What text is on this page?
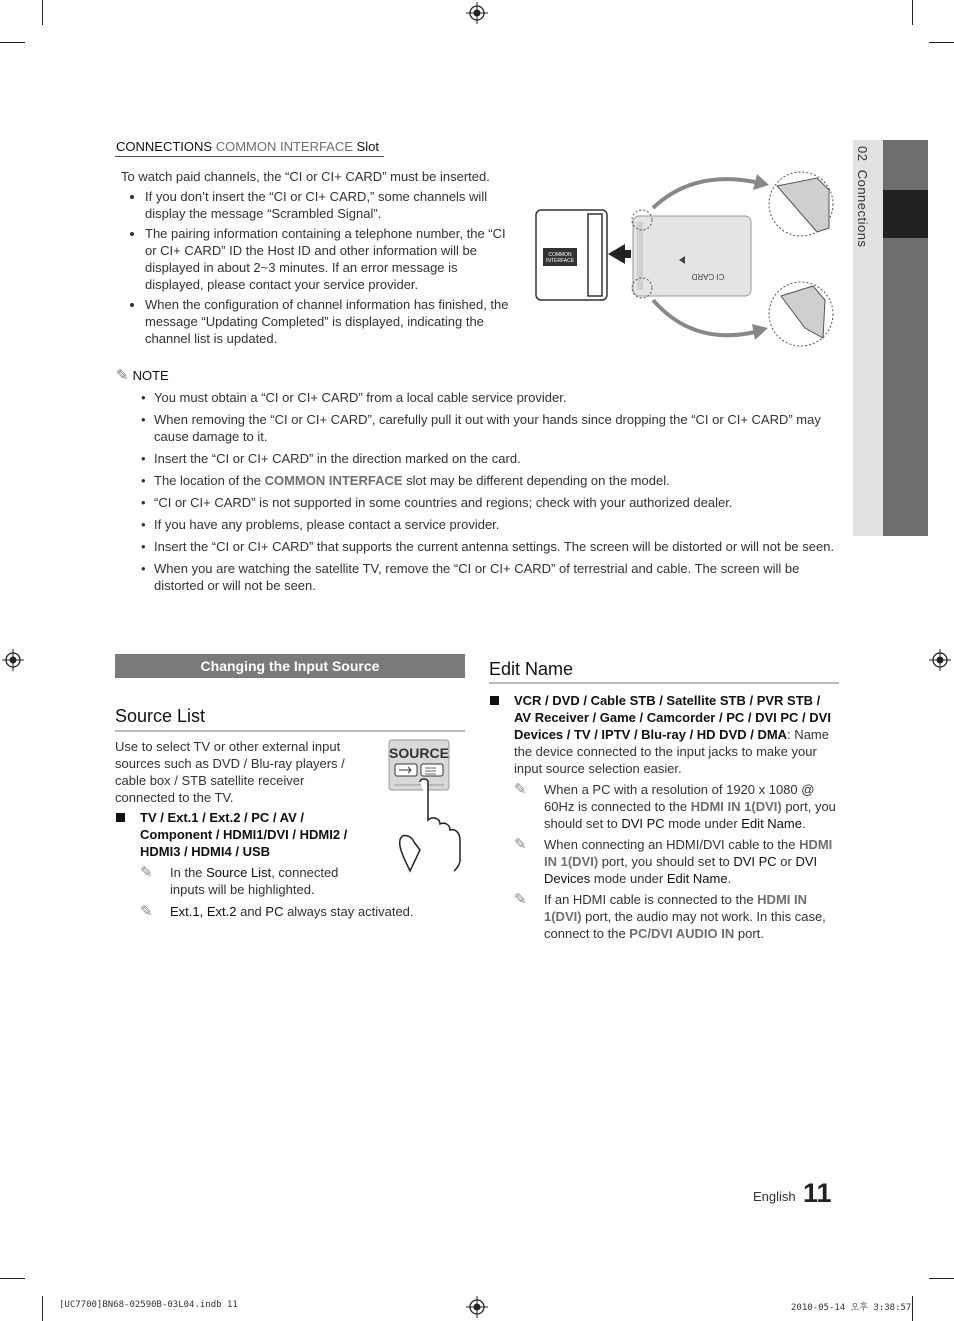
02  Connections
CONNECTIONS COMMON INTERFACE Slot
To watch paid channels, the “CI or CI+ CARD” must be inserted.
• If you don’t insert the “CI or CI+ CARD,” some channels will display the message “Scrambled Signal”.
• The pairing information containing a telephone number, the “CI or CI+ CARD” ID the Host ID and other information will be displayed in about 2~3 minutes. If an error message is displayed, please contact your service provider.
• When the configuration of channel information has finished, the message “Updating Completed” is displayed, indicating the channel list is updated.
COMMON
INTERFACE
CI CARD
✎ NOTE
• You must obtain a “CI or CI+ CARD” from a local cable service provider.
• When removing the “CI or CI+ CARD”, carefully pull it out with your hands since dropping the “CI or CI+ CARD” may cause damage to it.
• Insert the “CI or CI+ CARD” in the direction marked on the card.
• The location of the COMMON INTERFACE slot may be different depending on the model.
• “CI or CI+ CARD” is not supported in some countries and regions; check with your authorized dealer.
• If you have any problems, please contact a service provider.
• Insert the “CI or CI+ CARD” that supports the current antenna settings. The screen will be distorted or will not be seen.
• When you are watching the satellite TV, remove the “CI or CI+ CARD” of terrestrial and cable. The screen will be distorted or will not be seen.
Changing the Input Source
Source List
Use to select TV or other external input sources such as DVD / Blu-ray players / cable box / STB satellite receiver connected to the TV.
SOURCE
TV / Ext.1 / Ext.2 / PC / AV / Component / HDMI1/DVI / HDMI2 / HDMI3 / HDMI4 / USB
✎ In the Source List, connected inputs will be highlighted.
✎ Ext.1, Ext.2 and PC always stay activated.
Edit Name
VCR / DVD / Cable STB / Satellite STB / PVR STB / AV Receiver / Game / Camcorder / PC / DVI PC / DVI Devices / TV / IPTV / Blu-ray / HD DVD / DMA: Name the device connected to the input jacks to make your input source selection easier.
✎ When a PC with a resolution of 1920 x 1080 @ 60Hz is connected to the HDMI IN 1(DVI) port, you should set to DVI PC mode under Edit Name.
✎ When connecting an HDMI/DVI cable to the HDMI IN 1(DVI) port, you should set to DVI PC or DVI Devices mode under Edit Name.
✎ If an HDMI cable is connected to the HDMI IN 1(DVI) port, the audio may not work. In this case, connect to the PC/DVI AUDIO IN port.
English 11
[UC7700]BN68-02590B-03L04.indb 11	2010-05-14 오후 3:38:57
